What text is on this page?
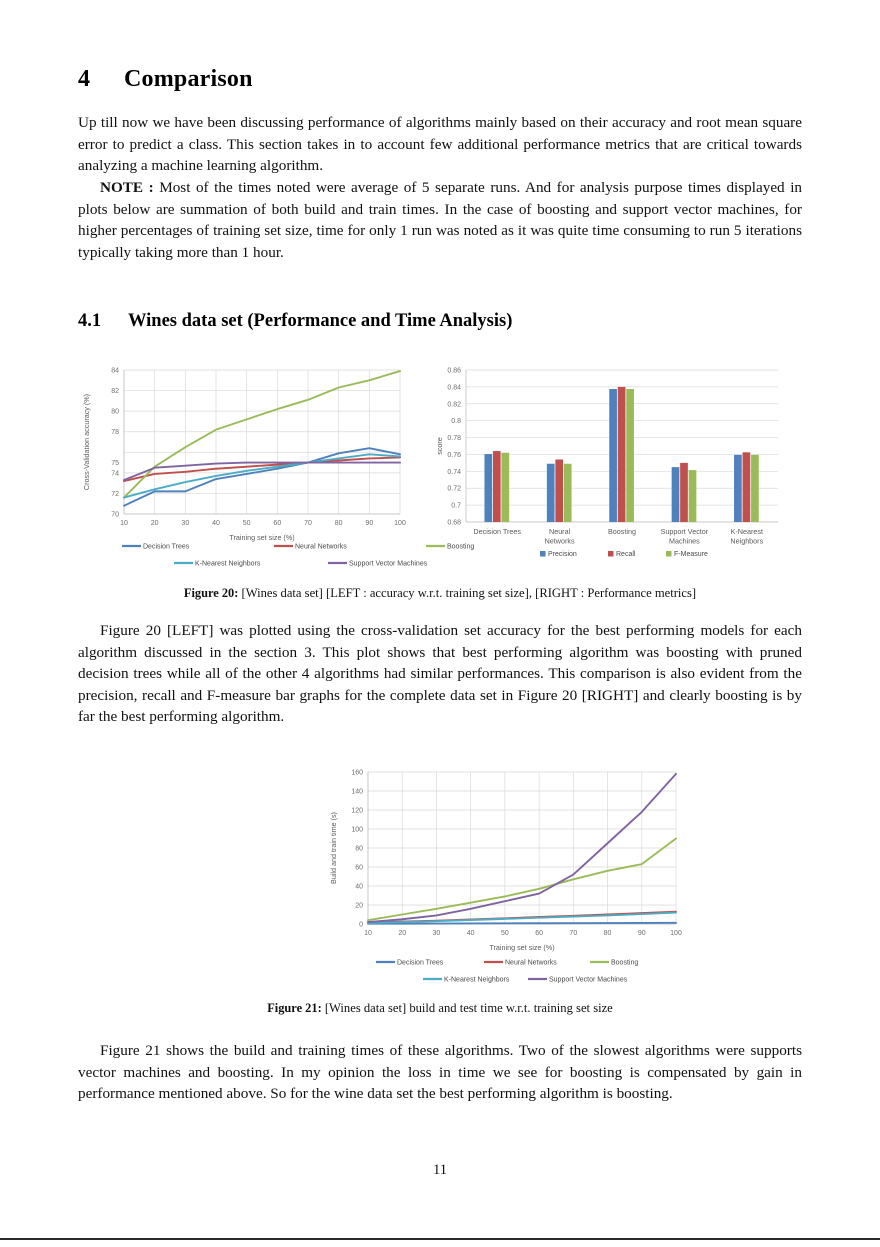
4 Comparison

Up till now we have been discussing performance of algorithms mainly based on their accuracy and root mean square error to predict a class. This section takes in to account few additional performance metrics that are critical towards analyzing a machine learning algorithm.

NOTE : Most of the times noted were average of 5 separate runs. And for analysis purpose times displayed in plots below are summation of both build and train times. In the case of boosting and support vector machines, for higher percentages of training set size, time for only 1 run was noted as it was quite time consuming to run 5 iterations typically taking more than 1 hour.

4.1 Wines data set (Performance and Time Analysis)
70
72
74
75
78
80
82
84
10	20	30	40	50	60	70	80	90	100
Cross-Validation accuracy (%)
Training set size (%)
Decision Trees	Neural Networks	Boosting
K-Nearest Neighbors	Support Vector Machines
0.68
0.7
0.72
0.74
0.76
0.78
0.8
0.82
0.84
0.86
score
Decision Trees	Neural
Networks
Boosting	Support Vector
Machines
K-Nearest
Neighbors
Precision	Recall	F-Measure

Figure 20: [Wines data set] [LEFT : accuracy w.r.t. training set size], [RIGHT : Performance metrics]

Figure 20 [LEFT] was plotted using the cross-validation set accuracy for the best performing models for each algorithm discussed in the section 3. This plot shows that best performing algorithm was boosting with pruned decision trees while all of the other 4 algorithms had similar performances. This comparison is also evident from the precision, recall and F-measure bar graphs for the complete data set in Figure 20 [RIGHT] and clearly boosting is by far the best performing algorithm.

0
20
40
60
80
100
120
140
160
10	20	30	40	50	60	70	80	90	100
Build and train time (s)
Training set size (%)
Decision Trees	Neural Networks	Boosting
K-Nearest Neighbors	Support Vector Machines

Figure 21: [Wines data set] build and test time w.r.t. training set size

Figure 21 shows the build and training times of these algorithms. Two of the slowest algorithms were supports vector machines and boosting. In my opinion the loss in time we see for boosting is compensated by gain in performance mentioned above. So for the wine data set the best performing algorithm is boosting.

11
